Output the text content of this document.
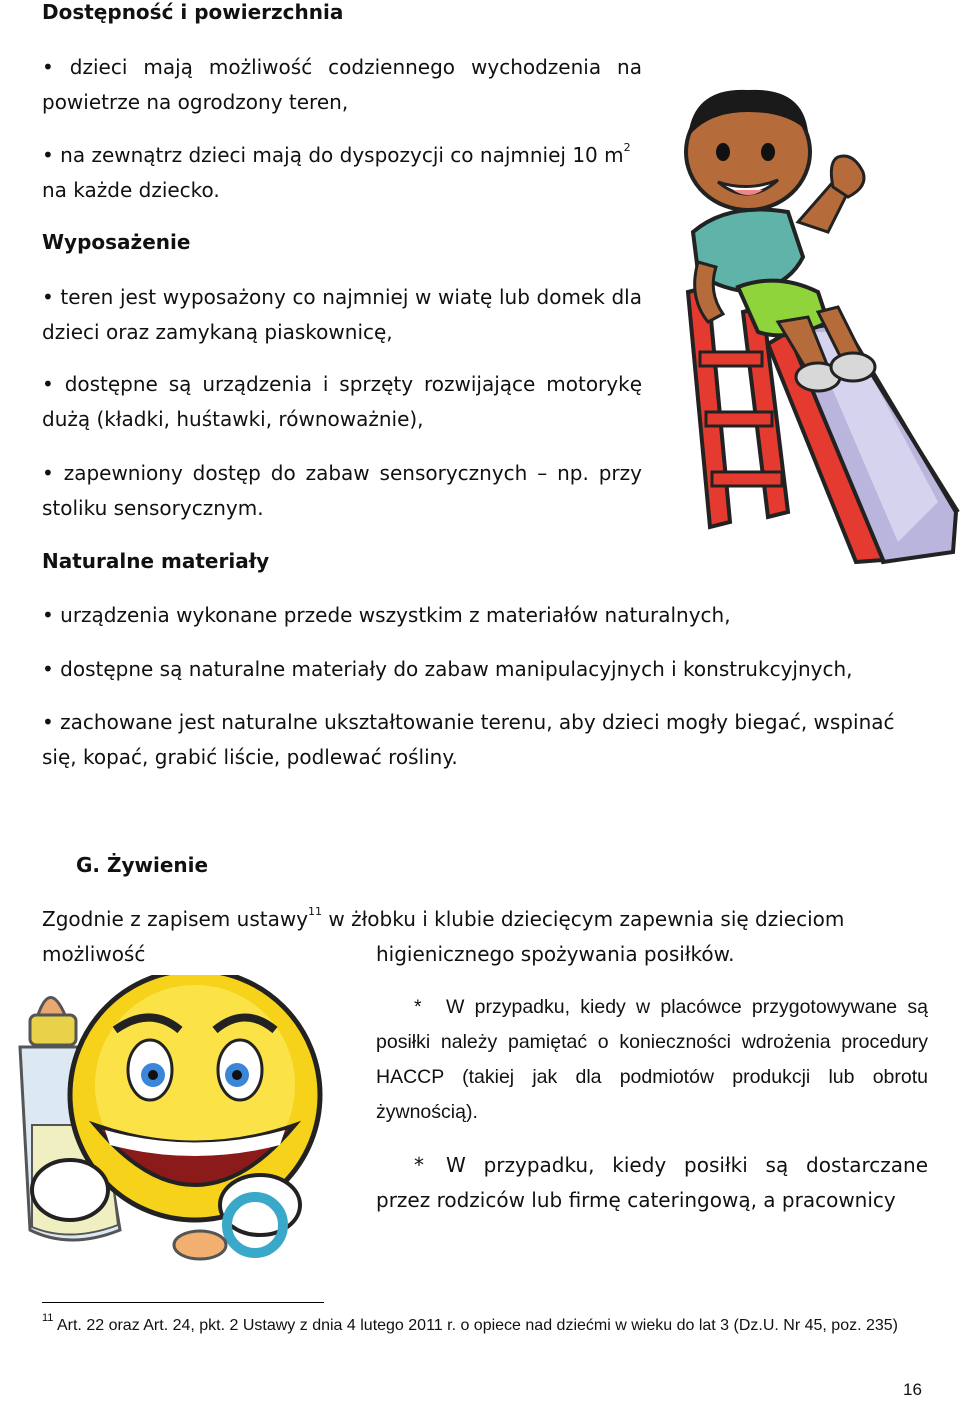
Dostępność i powierzchnia
• dzieci mają możliwość codziennego wychodzenia na powietrze na ogrodzony teren,
• na zewnątrz dzieci mają do dyspozycji co najmniej 10 $m^2$
na każde dziecko.
Wyposażenie
• teren jest wyposażony co najmniej w wiatę lub domek dla dzieci oraz zamykaną piaskownicę,
• dostępne są urządzenia i sprzęty rozwijające motorykę dużą (kładki, huśtawki, równoważnie),
• zapewniony dostęp do zabaw sensorycznych – np. przy stoliku sensorycznym.
Naturalne materiały
• urządzenia wykonane przede wszystkim z materiałów naturalnych,
• dostępne są naturalne materiały do zabaw manipulacyjnych i konstrukcyjnych,
• zachowane jest naturalne ukształtowanie terenu, aby dzieci mogły biegać, wspinać się, kopać, grabić liście, podlewać rośliny.
G. Żywienie
Zgodnie z zapisem ustawy$^{11}$ w żłobku i klubie dziecięcym zapewnia się dzieciom możliwość	higienicznego spożywania posiłków.
* W przypadku, kiedy w placówce przygotowywane są posiłki należy pamiętać o konieczności wdrożenia procedury HACCP (takiej jak dla podmiotów produkcji lub obrotu żywnością).
* W przypadku, kiedy posiłki są dostarczane przez rodziców lub firmę cateringową, a pracownicy
$^{11}$ Art. 22 oraz Art. 24, pkt. 2 Ustawy z dnia 4 lutego 2011 r. o opiece nad dziećmi w wieku do lat 3 (Dz.U. Nr 45, poz. 235)
16
